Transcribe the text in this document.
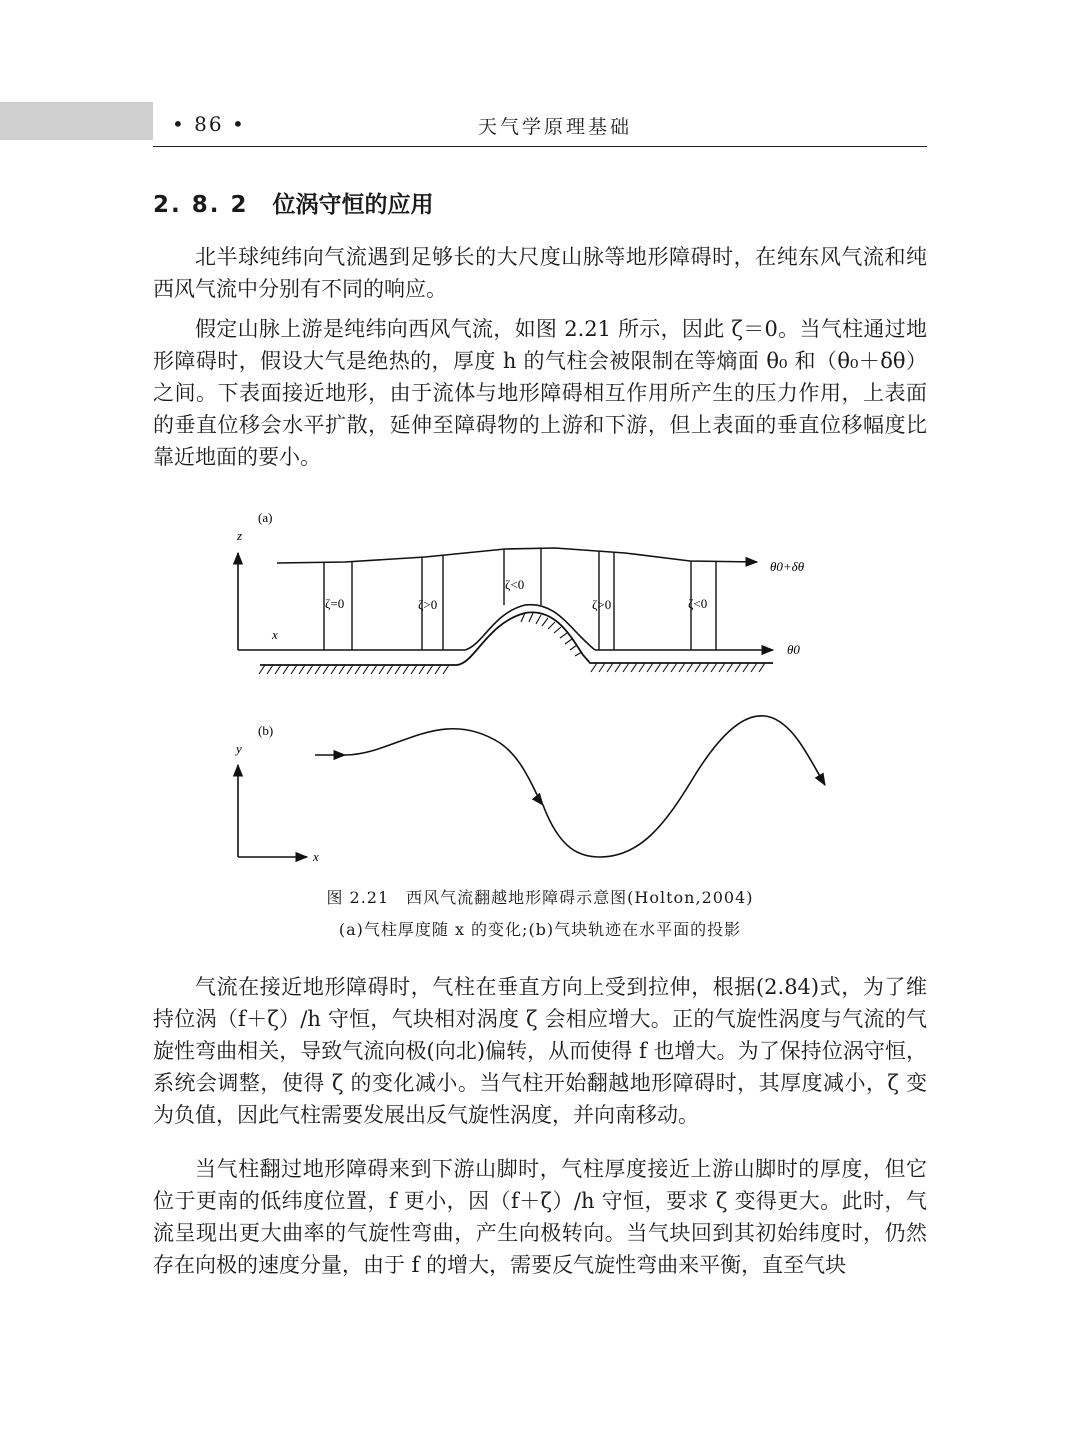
• 86 •	天气学原理基础
2. 8. 2 位涡守恒的应用

北半球纯纬向气流遇到足够长的大尺度山脉等地形障碍时，在纯东风气流和纯西风气流中分别有不同的响应。

假定山脉上游是纯纬向西风气流，如图 2.21 所示，因此 ζ＝0。当气柱通过地形障碍时，假设大气是绝热的，厚度 h 的气柱会被限制在等熵面 θ₀ 和（θ₀＋δθ）之间。下表面接近地形，由于流体与地形障碍相互作用所产生的压力作用，上表面的垂直位移会水平扩散，延伸至障碍物的上游和下游，但上表面的垂直位移幅度比靠近地面的要小。

(a)
z
x
θ0
θ0+δθ
ζ=0	ζ>0
ζ<0
ζ>0	ζ<0
(b)
y
x
图 2.21　西风气流翻越地形障碍示意图(Holton,2004)
(a)气柱厚度随 x 的变化;(b)气块轨迹在水平面的投影

气流在接近地形障碍时，气柱在垂直方向上受到拉伸，根据(2.84)式，为了维持位涡（f＋ζ）/h 守恒，气块相对涡度 ζ 会相应增大。正的气旋性涡度与气流的气旋性弯曲相关，导致气流向极(向北)偏转，从而使得 f 也增大。为了保持位涡守恒，系统会调整，使得 ζ 的变化减小。当气柱开始翻越地形障碍时，其厚度减小，ζ 变为负值，因此气柱需要发展出反气旋性涡度，并向南移动。

当气柱翻过地形障碍来到下游山脚时，气柱厚度接近上游山脚时的厚度，但它位于更南的低纬度位置，f 更小，因（f＋ζ）/h 守恒，要求 ζ 变得更大。此时，气流呈现出更大曲率的气旋性弯曲，产生向极转向。当气块回到其初始纬度时，仍然存在向极的速度分量，由于 f 的增大，需要反气旋性弯曲来平衡，直至气块
